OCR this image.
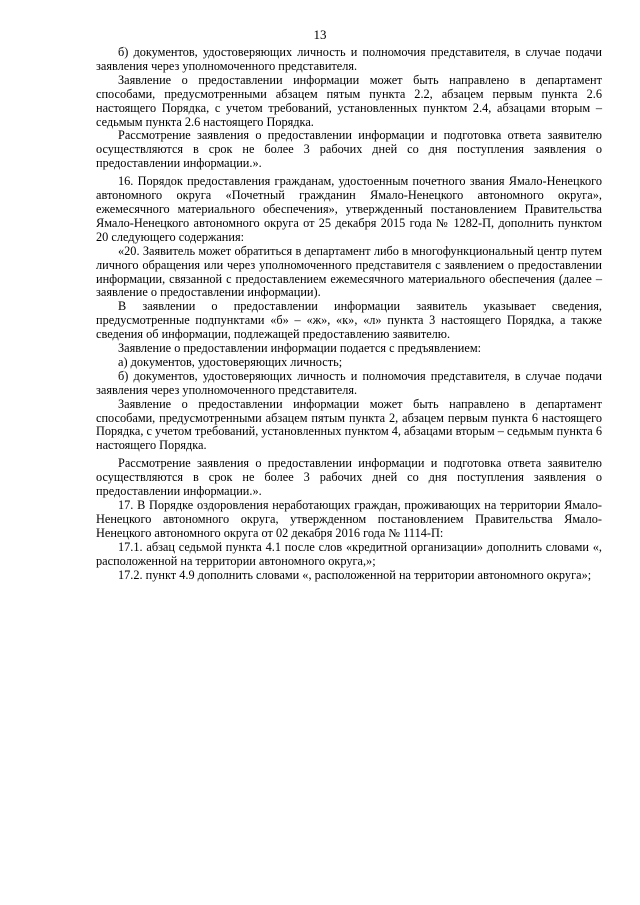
13

б) документов, удостоверяющих личность и полномочия представителя, в случае подачи заявления через уполномоченного представителя.

Заявление о предоставлении информации может быть направлено в департамент способами, предусмотренными абзацем пятым пункта 2.2, абзацем первым пункта 2.6 настоящего Порядка, с учетом требований, установленных пунктом 2.4, абзацами вторым – седьмым пункта 2.6 настоящего Порядка.

Рассмотрение заявления о предоставлении информации и подготовка ответа заявителю осуществляются в срок не более 3 рабочих дней со дня поступления заявления о предоставлении информации.».

16. Порядок предоставления гражданам, удостоенным почетного звания Ямало-Ненецкого автономного округа «Почетный гражданин Ямало-Ненецкого автономного округа», ежемесячного материального обеспечения», утвержденный постановлением Правительства Ямало-Ненецкого автономного округа от 25 декабря 2015 года № 1282-П, дополнить пунктом 20 следующего содержания:

«20. Заявитель может обратиться в департамент либо в многофункциональный центр путем личного обращения или через уполномоченного представителя с заявлением о предоставлении информации, связанной с предоставлением ежемесячного материального обеспечения (далее – заявление о предоставлении информации).

В заявлении о предоставлении информации заявитель указывает сведения, предусмотренные подпунктами «б» – «ж», «к», «л» пункта 3 настоящего Порядка, а также сведения об информации, подлежащей предоставлению заявителю.

Заявление о предоставлении информации подается с предъявлением:

а) документов, удостоверяющих личность;

б) документов, удостоверяющих личность и полномочия представителя, в случае подачи заявления через уполномоченного представителя.

Заявление о предоставлении информации может быть направлено в департамент способами, предусмотренными абзацем пятым пункта 2, абзацем первым пункта 6 настоящего Порядка, с учетом требований, установленных пунктом 4, абзацами вторым – седьмым пункта 6 настоящего Порядка.

Рассмотрение заявления о предоставлении информации и подготовка ответа заявителю осуществляются в срок не более 3 рабочих дней со дня поступления заявления о предоставлении информации.».

17. В Порядке оздоровления неработающих граждан, проживающих на территории Ямало-Ненецкого автономного округа, утвержденном постановлением Правительства Ямало-Ненецкого автономного округа от 02 декабря 2016 года № 1114-П:

17.1. абзац седьмой пункта 4.1 после слов «кредитной организации» дополнить словами «, расположенной на территории автономного округа,»;

17.2. пункт 4.9 дополнить словами «, расположенной на территории автономного округа»;
